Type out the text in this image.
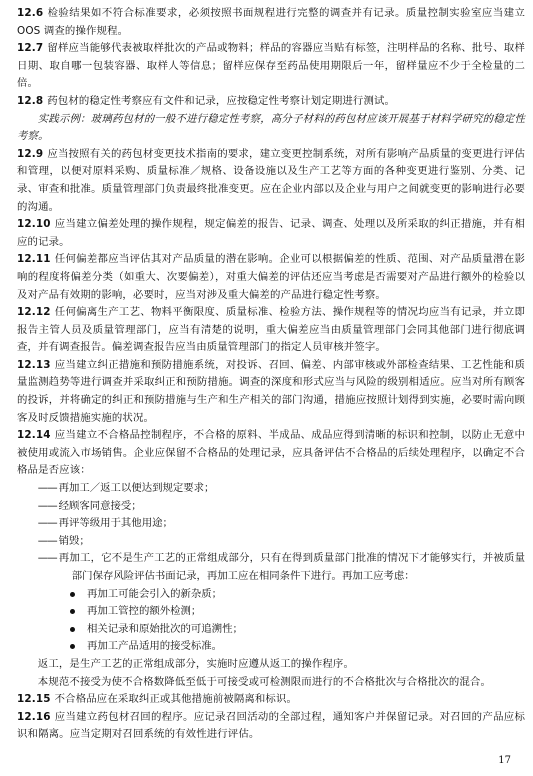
12.6 检验结果如不符合标准要求，必须按照书面规程进行完整的调查并有记录。质量控制实验室应当建立 OOS 调查的操作规程。

12.7 留样应当能够代表被取样批次的产品或物料；样品的容器应当贴有标签，注明样品的名称、批号、取样日期、取自哪一包装容器、取样人等信息；留样应保存至药品使用期限后一年，留样量应不少于全检量的二倍。

12.8 药包材的稳定性考察应有文件和记录，应按稳定性考察计划定期进行测试。

实践示例：玻璃药包材的一般不进行稳定性考察，高分子材料的药包材应该开展基于材料学研究的稳定性考察。

12.9 应当按照有关的药包材变更技术指南的要求，建立变更控制系统，对所有影响产品质量的变更进行评估和管理，以便对原料采购、质量标准／规格、设备设施以及生产工艺等方面的各种变更进行鉴别、分类、记录、审查和批准。质量管理部门负责最终批准变更。应在企业内部以及企业与用户之间就变更的影响进行必要的沟通。

12.10 应当建立偏差处理的操作规程，规定偏差的报告、记录、调查、处理以及所采取的纠正措施，并有相应的记录。

12.11 任何偏差都应当评估其对产品质量的潜在影响。企业可以根据偏差的性质、范围、对产品质量潜在影响的程度将偏差分类（如重大、次要偏差），对重大偏差的评估还应当考虑是否需要对产品进行额外的检验以及对产品有效期的影响，必要时，应当对涉及重大偏差的产品进行稳定性考察。

12.12 任何偏离生产工艺、物料平衡限度、质量标准、检验方法、操作规程等的情况均应当有记录，并立即报告主管人员及质量管理部门，应当有清楚的说明，重大偏差应当由质量管理部门会同其他部门进行彻底调查，并有调查报告。偏差调查报告应当由质量管理部门的指定人员审核并签字。

12.13 应当建立纠正措施和预防措施系统，对投诉、召回、偏差、内部审核或外部检查结果、工艺性能和质量监测趋势等进行调查并采取纠正和预防措施。调查的深度和形式应当与风险的级别相适应。应当对所有顾客的投诉，并将确定的纠正和预防措施与生产和生产相关的部门沟通，措施应按照计划得到实施，必要时需向顾客及时反馈措施实施的状况。

12.14 应当建立不合格品控制程序，不合格的原料、半成品、成品应得到清晰的标识和控制，以防止无意中被使用或流入市场销售。企业应保留不合格品的处理记录，应具备评估不合格品的后续处理程序，以确定不合格品是否应该：

—— 再加工／返工以便达到规定要求；

—— 经顾客同意接受；

—— 再评等级用于其他用途；

—— 销毁；

—— 再加工，它不是生产工艺的正常组成部分，只有在得到质量部门批准的情况下才能够实行，并被质量部门保存风险评估书面记录，再加工应在相同条件下进行。再加工应考虑：

再加工可能会引入的新杂质；

再加工管控的额外检测；

相关记录和原始批次的可追溯性；

再加工产品适用的接受标准。

返工，是生产工艺的正常组成部分，实施时应遵从返工的操作程序。

本规范不接受为使不合格数降低至低于可接受或可检测限而进行的不合格批次与合格批次的混合。

12.15 不合格品应在采取纠正或其他措施前被隔离和标识。

12.16 应当建立药包材召回的程序。应记录召回活动的全部过程，通知客户并保留记录。对召回的产品应标识和隔离。应当定期对召回系统的有效性进行评估。

17
